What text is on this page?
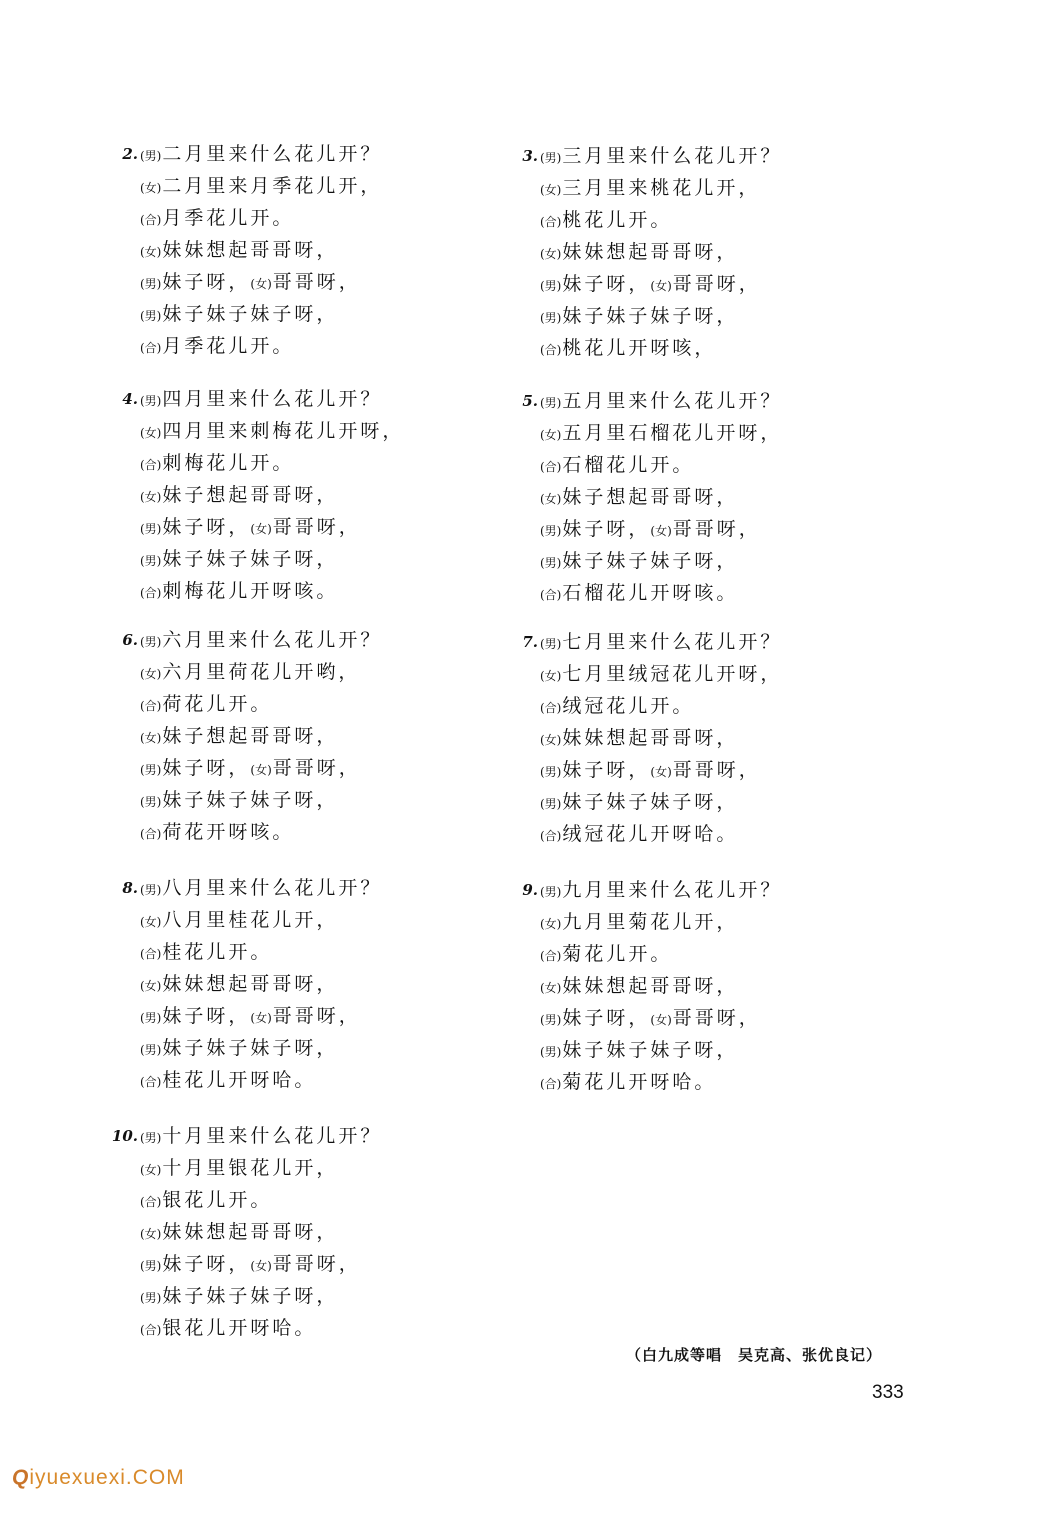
2. (男)二月里来什么花儿开？
(女)二月里来月季花儿开，
(合)月季花儿开。
(女)妹妹想起哥哥呀，
(男)妹子呀，(女)哥哥呀，
(男)妹子妹子妹子呀，
(合)月季花儿开。
3. (男)三月里来什么花儿开？
(女)三月里来桃花儿开，
(合)桃花儿开。
(女)妹妹想起哥哥呀，
(男)妹子呀，(女)哥哥呀，
(男)妹子妹子妹子呀，
(合)桃花儿开呀咳，
4. (男)四月里来什么花儿开？
(女)四月里来刺梅花儿开呀，
(合)刺梅花儿开。
(女)妹子想起哥哥呀，
(男)妹子呀，(女)哥哥呀，
(男)妹子妹子妹子呀，
(合)刺梅花儿开呀咳。
5. (男)五月里来什么花儿开？
(女)五月里石榴花儿开呀，
(合)石榴花儿开。
(女)妹子想起哥哥呀，
(男)妹子呀，(女)哥哥呀，
(男)妹子妹子妹子呀，
(合)石榴花儿开呀咳。
6. (男)六月里来什么花儿开？
(女)六月里荷花儿开哟，
(合)荷花儿开。
(女)妹子想起哥哥呀，
(男)妹子呀，(女)哥哥呀，
(男)妹子妹子妹子呀，
(合)荷花开呀咳。
7. (男)七月里来什么花儿开？
(女)七月里绒冠花儿开呀，
(合)绒冠花儿开。
(女)妹妹想起哥哥呀，
(男)妹子呀，(女)哥哥呀，
(男)妹子妹子妹子呀，
(合)绒冠花儿开呀哈。
8. (男)八月里来什么花儿开？
(女)八月里桂花儿开，
(合)桂花儿开。
(女)妹妹想起哥哥呀，
(男)妹子呀，(女)哥哥呀，
(男)妹子妹子妹子呀，
(合)桂花儿开呀哈。
9. (男)九月里来什么花儿开？
(女)九月里菊花儿开，
(合)菊花儿开。
(女)妹妹想起哥哥呀，
(男)妹子呀，(女)哥哥呀，
(男)妹子妹子妹子呀，
(合)菊花儿开呀哈。
10. (男)十月里来什么花儿开？
(女)十月里银花儿开，
(合)银花儿开。
(女)妹妹想起哥哥呀，
(男)妹子呀，(女)哥哥呀，
(男)妹子妹子妹子呀，
(合)银花儿开呀哈。
（白九成等唱　吴克高、张优良记）
333
Qiyuexuexi.COM
